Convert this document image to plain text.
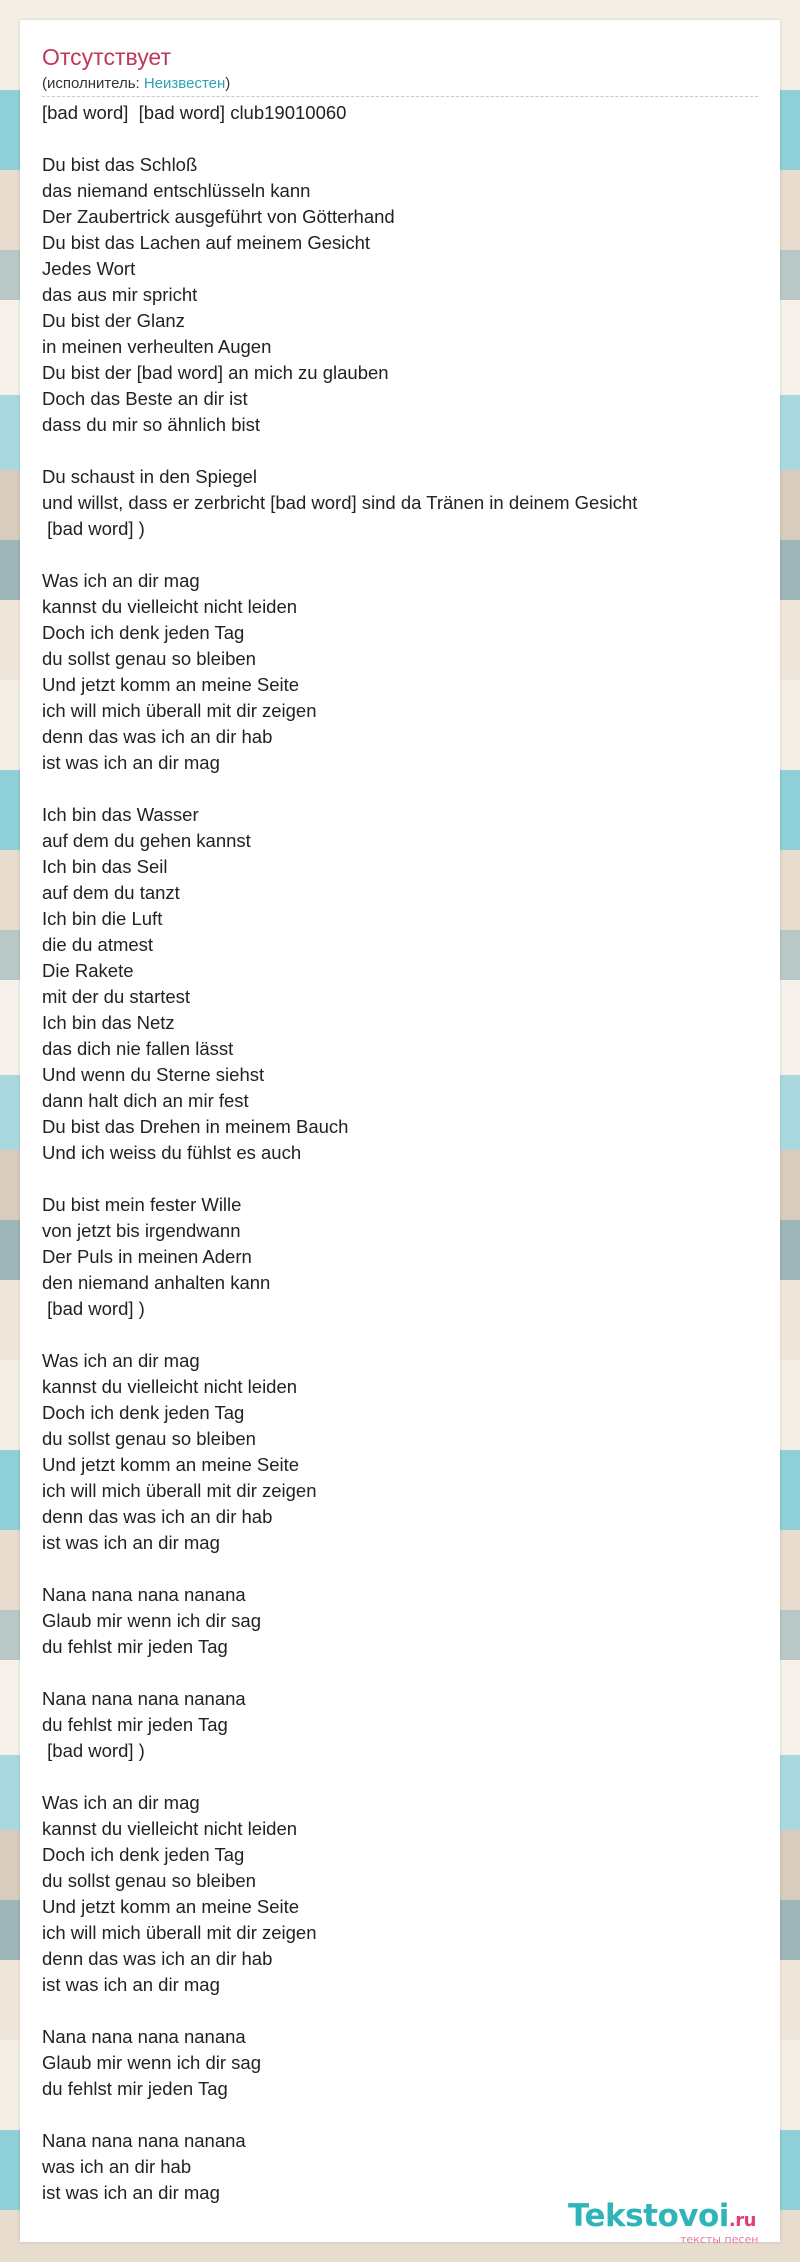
Отсутствует
(исполнитель: Неизвестен)
[bad word]  [bad word] club19010060
Du bist das Schloß
das niemand entschlüsseln kann
Der Zaubertrick ausgeführt von Götterhand
Du bist das Lachen auf meinem Gesicht
Jedes Wort
das aus mir spricht
Du bist der Glanz
in meinen verheulten Augen
Du bist der [bad word] an mich zu glauben
Doch das Beste an dir ist
dass du mir so ähnlich bist
Du schaust in den Spiegel
und willst, dass er zerbricht [bad word] sind da Tränen in deinem Gesicht
[bad word] )
Was ich an dir mag
kannst du vielleicht nicht leiden
Doch ich denk jeden Tag
du sollst genau so bleiben
Und jetzt komm an meine Seite
ich will mich überall mit dir zeigen
denn das was ich an dir hab
ist was ich an dir mag
Ich bin das Wasser
auf dem du gehen kannst
Ich bin das Seil
auf dem du tanzt
Ich bin die Luft
die du atmest
Die Rakete
mit der du startest
Ich bin das Netz
das dich nie fallen lässt
Und wenn du Sterne siehst
dann halt dich an mir fest
Du bist das Drehen in meinem Bauch
Und ich weiss du fühlst es auch
Du bist mein fester Wille
von jetzt bis irgendwann
Der Puls in meinen Adern
den niemand anhalten kann
[bad word] )
Was ich an dir mag
kannst du vielleicht nicht leiden
Doch ich denk jeden Tag
du sollst genau so bleiben
Und jetzt komm an meine Seite
ich will mich überall mit dir zeigen
denn das was ich an dir hab
ist was ich an dir mag
Nana nana nana nanana
Glaub mir wenn ich dir sag
du fehlst mir jeden Tag
Nana nana nana nanana
du fehlst mir jeden Tag
[bad word] )
Was ich an dir mag
kannst du vielleicht nicht leiden
Doch ich denk jeden Tag
du sollst genau so bleiben
Und jetzt komm an meine Seite
ich will mich überall mit dir zeigen
denn das was ich an dir hab
ist was ich an dir mag
Nana nana nana nanana
Glaub mir wenn ich dir sag
du fehlst mir jeden Tag
Nana nana nana nanana
was ich an dir hab
ist was ich an dir mag
Tekstovoi.ru
тексты песен
